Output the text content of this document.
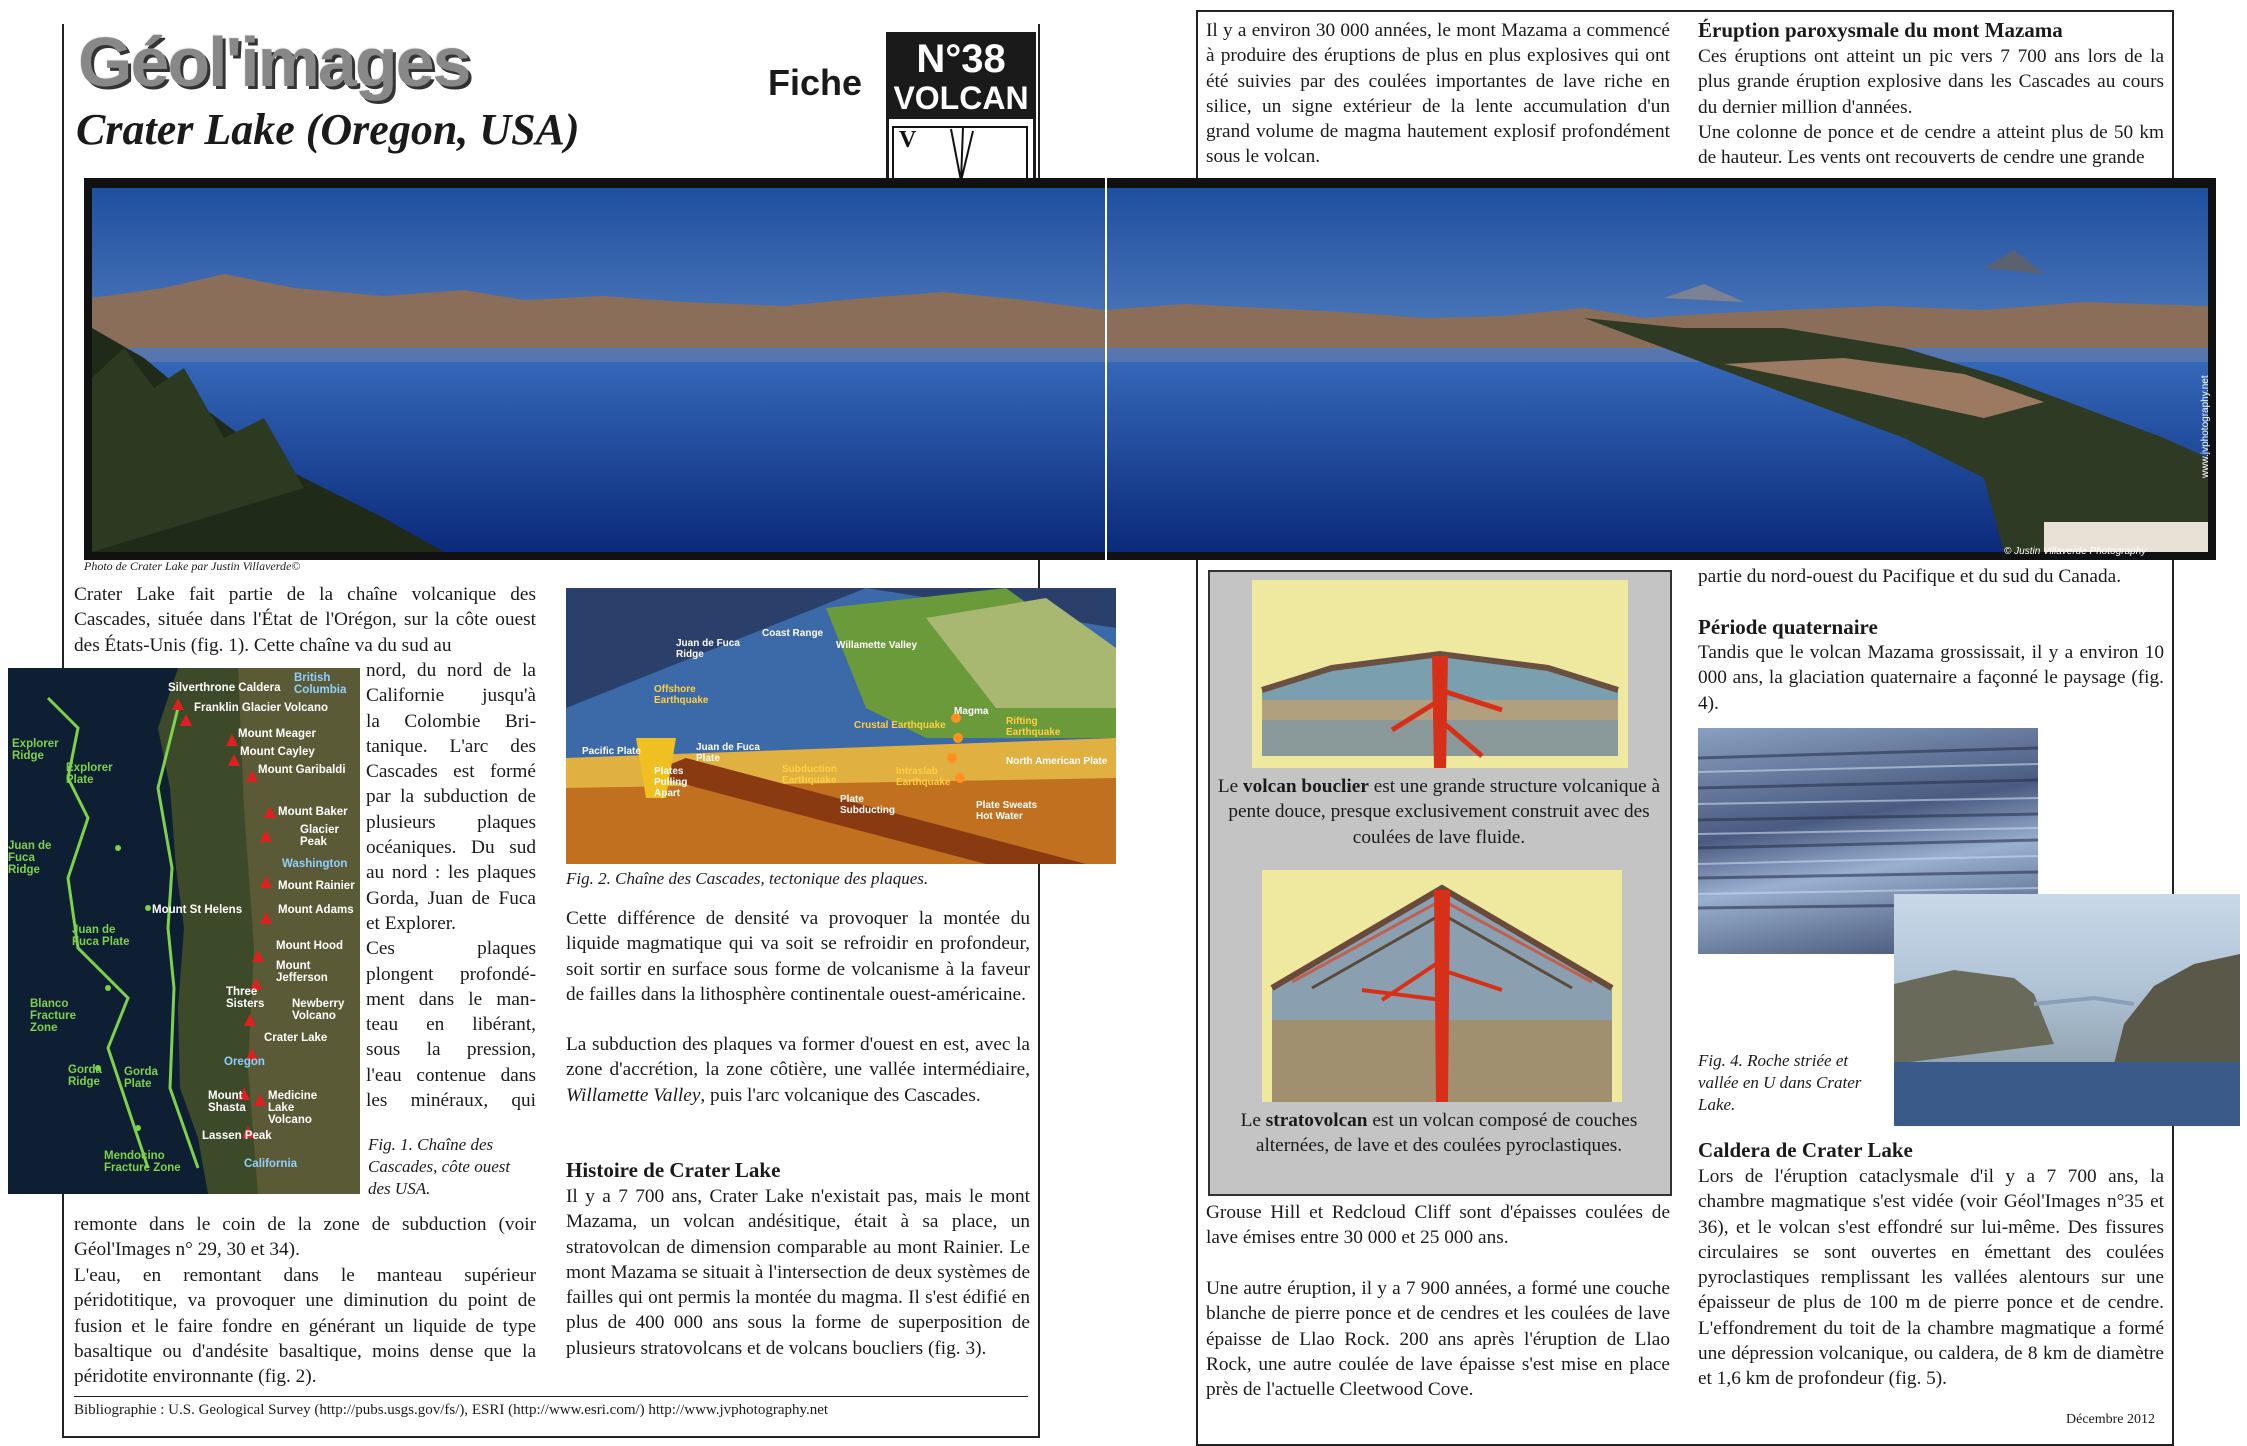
Géol'images
Crater Lake (Oregon, USA)
Fiche
N°38
VOLCAN
V
© Justin Villaverde Photography
www.jvphotography.net
Photo de Crater Lake par Justin Villaverde©

Crater Lake fait partie de la chaîne volcanique des Cascades, située dans l'État de l'Orégon, sur la côte ouest des États-Unis (fig. 1). Cette chaîne va du sud au

nord, du nord de la
Californie jusqu'à
la Colombie Bri-
tanique. L'arc des
Cascades est formé
par la subduction de
plusieurs plaques
océaniques. Du sud
au nord : les plaques
Gorda, Juan de Fuca
et Explorer.
Ces plaques
plongent profondé-
ment dans le man-
teau en libérant,
sous la pression,
l'eau contenue dans
les minéraux, qui
Fig. 1. Chaîne des Cascades, côte ouest des USA.
Silverthrone Caldera
British Columbia
Franklin Glacier Volcano
Mount Meager
Mount Cayley
Mount Garibaldi
Explorer Ridge
Explorer Plate
Mount Baker
Glacier Peak
Washington
Mount Rainier
Juan de Fuca Ridge
Mount St Helens	Mount Adams
Juan de Fuca Plate	Mount Hood
Mount Jefferson
Blanco Fracture Zone
Three Sisters Newberry Volcano
Crater Lake
Oregon
Gorda Ridge
Gorda Plate
Mount Shasta
Medicine Lake Volcano
Lassen Peak
California
Mendocino Fracture Zone

remonte dans le coin de la zone de subduction (voir Géol'Images n° 29, 30 et 34).

L'eau, en remontant dans le manteau supérieur péridotitique, va provoquer une diminution du point de fusion et le faire fondre en générant un liquide de type basaltique ou d'andésite basaltique, moins dense que la péridotite environnante (fig. 2).

Pacific Plate	Juan de Fuca Plate
Plates Pulling Apart
Subduction Earthquake
Plate Subducting	Plate Sweats Hot Water
North American Plate
Magma
Crustal Earthquake
Intraslab Earthquake
Offshore Earthquake
Coast Range
Willamette Valley
Juan de Fuca Ridge
Rifting Earthquake
Fig. 2. Chaîne des Cascades, tectonique des plaques.

Cette différence de densité va provoquer la montée du liquide magmatique qui va soit se refroidir en profondeur, soit sortir en surface sous forme de volcanisme à la faveur de failles dans la lithosphère continentale ouest-américaine.

La subduction des plaques va former d'ouest en est, avec la zone d'accrétion, la zone côtière, une vallée intermédiaire, Willamette Valley, puis l'arc volcanique des Cascades.

Histoire de Crater Lake

Il y a 7 700 ans, Crater Lake n'existait pas, mais le mont Mazama, un volcan andésitique, était à sa place, un stratovolcan de dimension comparable au mont Rainier. Le mont Mazama se situait à l'intersection de deux systèmes de failles qui ont permis la montée du magma. Il s'est édifié en plus de 400 000 ans sous la forme de superposition de plusieurs stratovolcans et de volcans boucliers (fig. 3).

Bibliographie : U.S. Geological Survey (http://pubs.usgs.gov/fs/), ESRI (http://www.esri.com/) http://www.jvphotography.net

Il y a environ 30 000 années, le mont Mazama a commencé à produire des éruptions de plus en plus explosives qui ont été suivies par des coulées importantes de lave riche en silice, un signe extérieur de la lente accumulation d'un grand volume de magma hautement explosif profondément sous le volcan.

Le volcan bouclier est une grande structure volcanique à pente douce, presque exclusivement construit avec des coulées de lave fluide.

Le stratovolcan est un volcan composé de couches alternées, de lave et des coulées pyroclastiques.

Grouse Hill et Redcloud Cliff sont d'épaisses coulées de lave émises entre 30 000 et 25 000 ans.

Une autre éruption, il y a 7 900 années, a formé une couche blanche de pierre ponce et de cendres et les coulées de lave épaisse de Llao Rock. 200 ans après l'éruption de Llao Rock, une autre coulée de lave épaisse s'est mise en place près de l'actuelle Cleetwood Cove.

Éruption paroxysmale du mont Mazama

Ces éruptions ont atteint un pic vers 7 700 ans lors de la plus grande éruption explosive dans les Cascades au cours du dernier million d'années.

Une colonne de ponce et de cendre a atteint plus de 50 km de hauteur. Les vents ont recouverts de cendre une grande

partie du nord-ouest du Pacifique et du sud du Canada.

Période quaternaire

Tandis que le volcan Mazama grossissait, il y a environ 10 000 ans, la glaciation quaternaire a façonné le paysage (fig. 4).

Fig. 4. Roche striée et vallée en U dans Crater Lake.
Caldera de Crater Lake

Lors de l'éruption cataclysmale d'il y a 7 700 ans, la chambre magmatique s'est vidée (voir Géol'Images n°35 et 36), et le volcan s'est effondré sur lui-même. Des fissures circulaires se sont ouvertes en émettant des coulées pyroclastiques remplissant les vallées alentours sur une épaisseur de plus de 100 m de pierre ponce et de cendre. L'effondrement du toit de la chambre magmatique a formé une dépression volcanique, ou caldera, de 8 km de diamètre et 1,6 km de profondeur (fig. 5).

Décembre 2012
